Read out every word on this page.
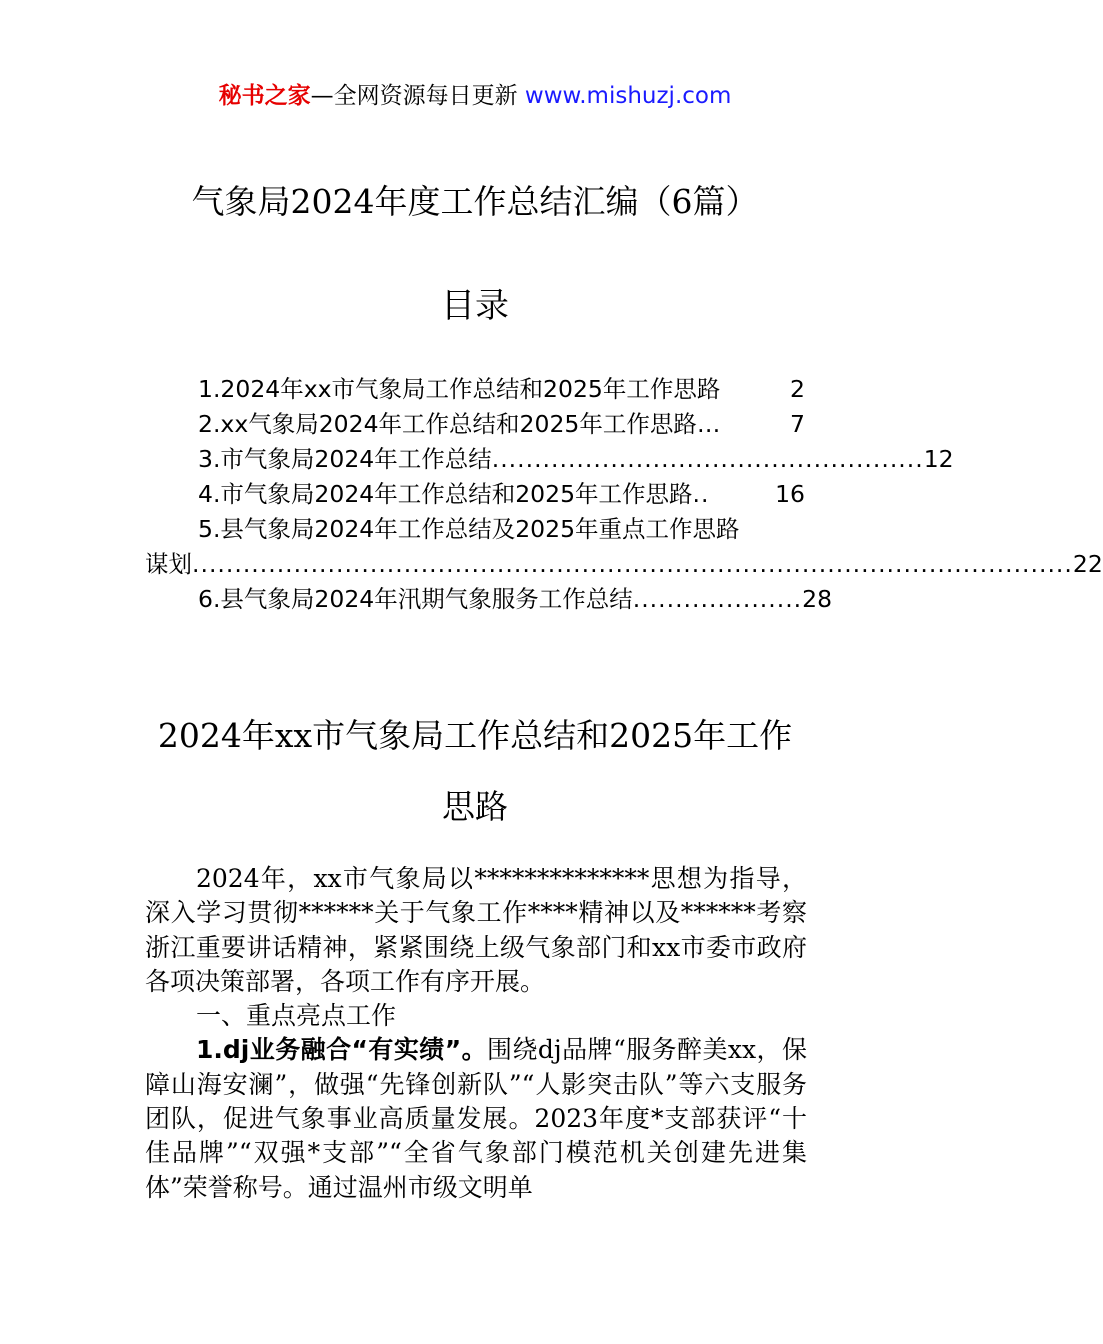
秘书之家—全网资源每日更新 www.mishuzj.com
气象局2024年度工作总结汇编（6篇）
目录
1.2024年xx市气象局工作总结和2025年工作思路	2
2.xx气象局2024年工作总结和2025年工作思路 …	7
3.市气象局2024年工作总结 ................................................... 12
4.市气象局2024年工作总结和2025年工作思路 ..	16
5.县气象局2024年工作总结及2025年重点工作思路
谋划 ........................................................................................................ 22
6.县气象局2024年汛期气象服务工作总结 .................... 28
2024年xx市气象局工作总结和2025年工作思路

2024年，xx市气象局以**************思想为指导，深入学习贯彻******关于气象工作****精神以及******考察浙江重要讲话精神，紧紧围绕上级气象部门和xx市委市政府各项决策部署，各项工作有序开展。

一、重点亮点工作

1.dj业务融合“有实绩”。围绕dj品牌“服务醉美xx，保障山海安澜”，做强“先锋创新队”“人影突击队”等六支服务团队，促进气象事业高质量发展。2023年度*支部获评“十佳品牌”“双强*支部”“全省气象部门模范机关创建先进集体”荣誉称号。通过温州市级文明单
